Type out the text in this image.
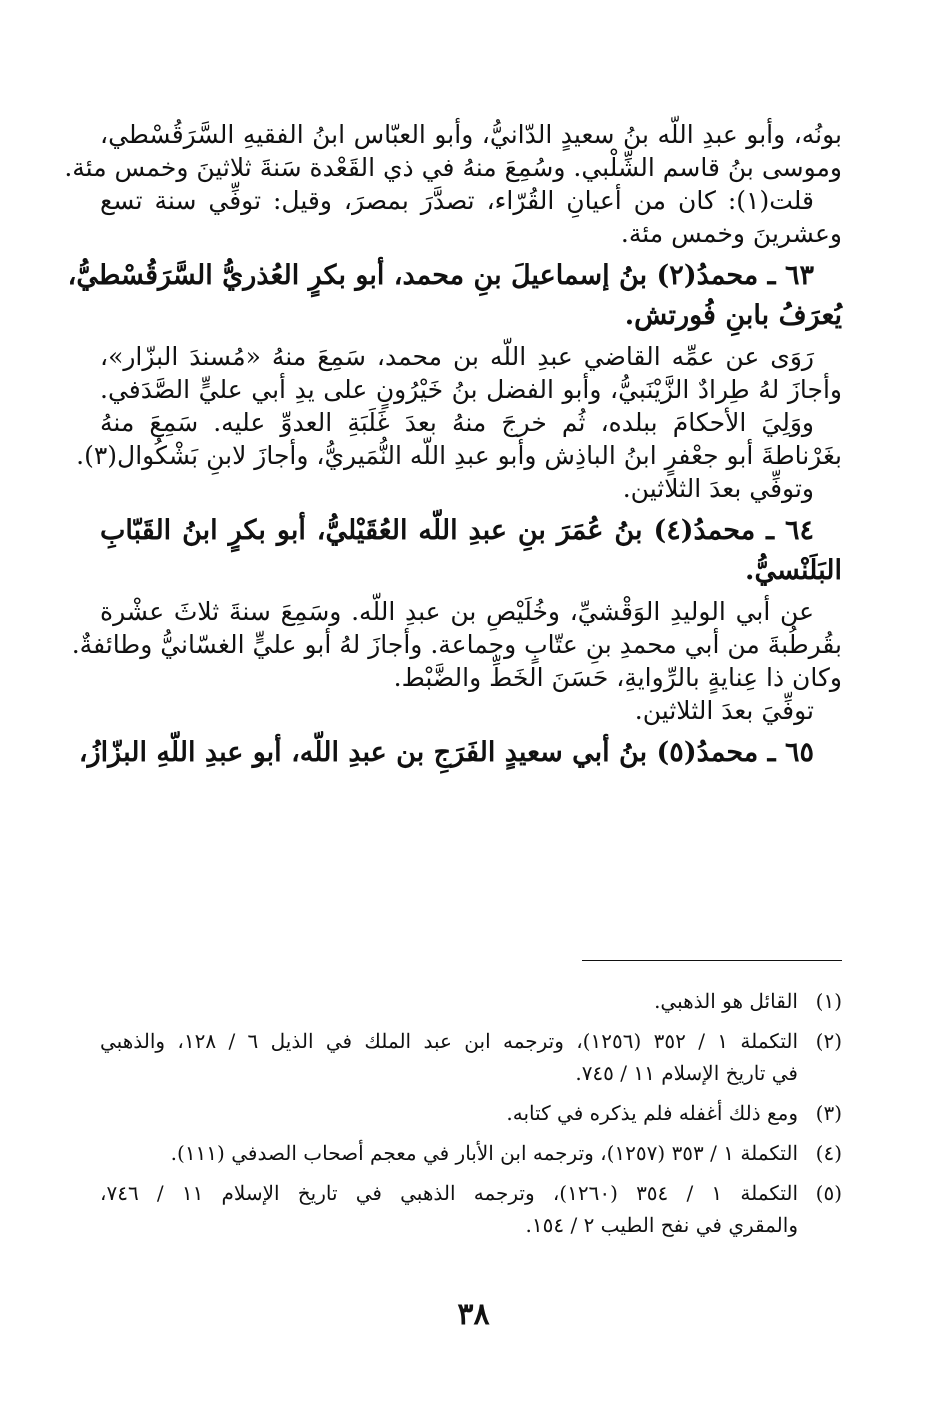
بونُه، وأبو عبدِ اللّه بنُ سعيدٍ الدّانيُّ، وأبو العبّاس ابنُ الفقيهِ السَّرَقُسْطي،
وموسى بنُ قاسم الشِّلْبي. وسُمِعَ منهُ في ذي القَعْدة سَنةَ ثلاثينَ وخمس مئة.
قلت(١): كان من أعيانِ القُرّاء، تصدَّرَ بمصرَ، وقيل: توفِّي سنة تسع
وعشرينَ وخمس مئة.
٦٣ ـ محمدُ(٢) بنُ إسماعيلَ بنِ محمد، أبو بكرٍ العُذريُّ السَّرَقُسْطيُّ،
يُعرَفُ بابنِ فُورتش.
رَوَى عن عمِّه القاضي عبدِ اللّه بن محمد، سَمِعَ منهُ «مُسندَ البزّار»،
وأجازَ لهُ طِرادٌ الزَّيْنَبيُّ، وأبو الفضل بنُ خَيْرُونٍ على يدِ أبي عليٍّ الصَّدَفي.
ووَلِيَ الأحكامَ ببلده، ثُم خرجَ منهُ بعدَ غَلَبَةِ العدوِّ عليه. سَمِعَ منهُ
بغَرْناطةَ أبو جعْفرٍ ابنُ الباذِش وأبو عبدِ اللّه النُّمَيريُّ، وأجازَ لابنِ بَشْكُوال(٣).
وتوفِّي بعدَ الثلاثين.
٦٤ ـ محمدُ(٤) بنُ عُمَرَ بنِ عبدِ اللّه العُقَيْليُّ، أبو بكرٍ ابنُ القَبّابِ
البَلَنْسيُّ.
عن أبي الوليدِ الوَقْشيِّ، وخُلَيْصِ بن عبدِ اللّه. وسَمِعَ سنةَ ثلاثَ عشْرة
بقُرطُبةَ من أبي محمدِ بنِ عتّابٍ وجماعة. وأجازَ لهُ أبو عليٍّ الغسّانيُّ وطائفةٌ.
وكان ذا عِنايةٍ بالرِّوايةِ، حَسَنَ الخَطِّ والضَّبْط.
توفِّيَ بعدَ الثلاثين.
٦٥ ـ محمدُ(٥) بنُ أبي سعيدٍ الفَرَجِ بن عبدِ اللّه، أبو عبدِ اللّهِ البزّازُ،
(١)
القائل هو الذهبي.
(٢)
التكملة ١ / ٣٥٢ (١٢٥٦)، وترجمه ابن عبد الملك في الذيل ٦ / ١٢٨، والذهبي
في تاريخ الإسلام ١١ / ٧٤٥.
(٣)
ومع ذلك أغفله فلم يذكره في كتابه.
(٤)
التكملة ١ / ٣٥٣ (١٢٥٧)، وترجمه ابن الأبار في معجم أصحاب الصدفي (١١١).
(٥)
التكملة ١ / ٣٥٤ (١٢٦٠)، وترجمه الذهبي في تاريخ الإسلام ١١ / ٧٤٦،
والمقري في نفح الطيب ٢ / ١٥٤.
٣٨
